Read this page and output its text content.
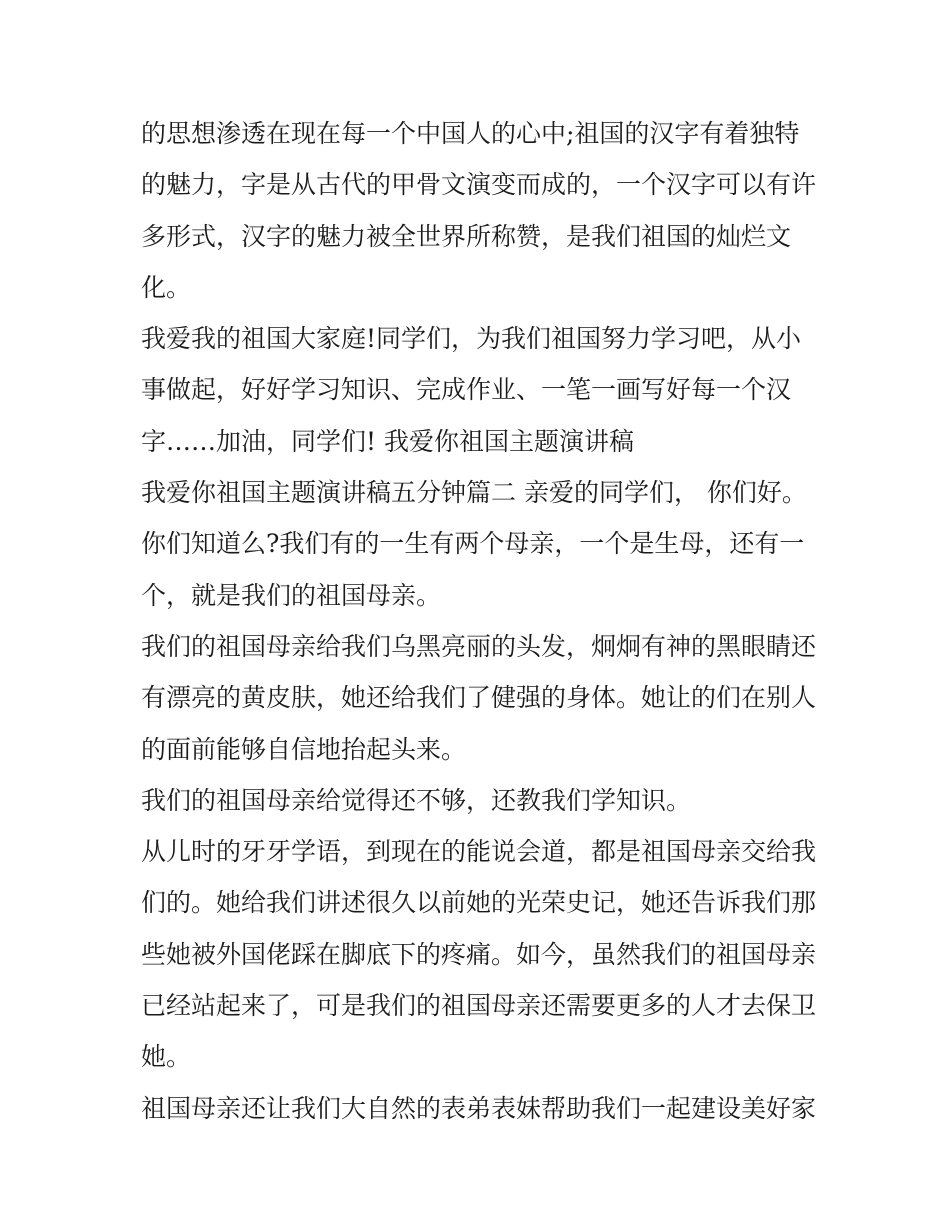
的思想渗透在现在每一个中国人的心中;祖国的汉字有着独特
的魅力，字是从古代的甲骨文演变而成的，一个汉字可以有许
多形式，汉字的魅力被全世界所称赞，是我们祖国的灿烂文
化。
我爱我的祖国大家庭!同学们，为我们祖国努力学习吧，从小
事做起，好好学习知识、完成作业、一笔一画写好每一个汉
字……加油，同学们! 我爱你祖国主题演讲稿
我爱你祖国主题演讲稿五分钟篇二 亲爱的同学们， 你们好。
你们知道么?我们有的一生有两个母亲，一个是生母，还有一
个，就是我们的祖国母亲。
我们的祖国母亲给我们乌黑亮丽的头发，炯炯有神的黑眼睛还
有漂亮的黄皮肤，她还给我们了健强的身体。她让的们在别人
的面前能够自信地抬起头来。
我们的祖国母亲给觉得还不够，还教我们学知识。
从儿时的牙牙学语，到现在的能说会道，都是祖国母亲交给我
们的。她给我们讲述很久以前她的光荣史记，她还告诉我们那
些她被外国佬踩在脚底下的疼痛。如今，虽然我们的祖国母亲
已经站起来了，可是我们的祖国母亲还需要更多的人才去保卫
她。
祖国母亲还让我们大自然的表弟表妹帮助我们一起建设美好家
